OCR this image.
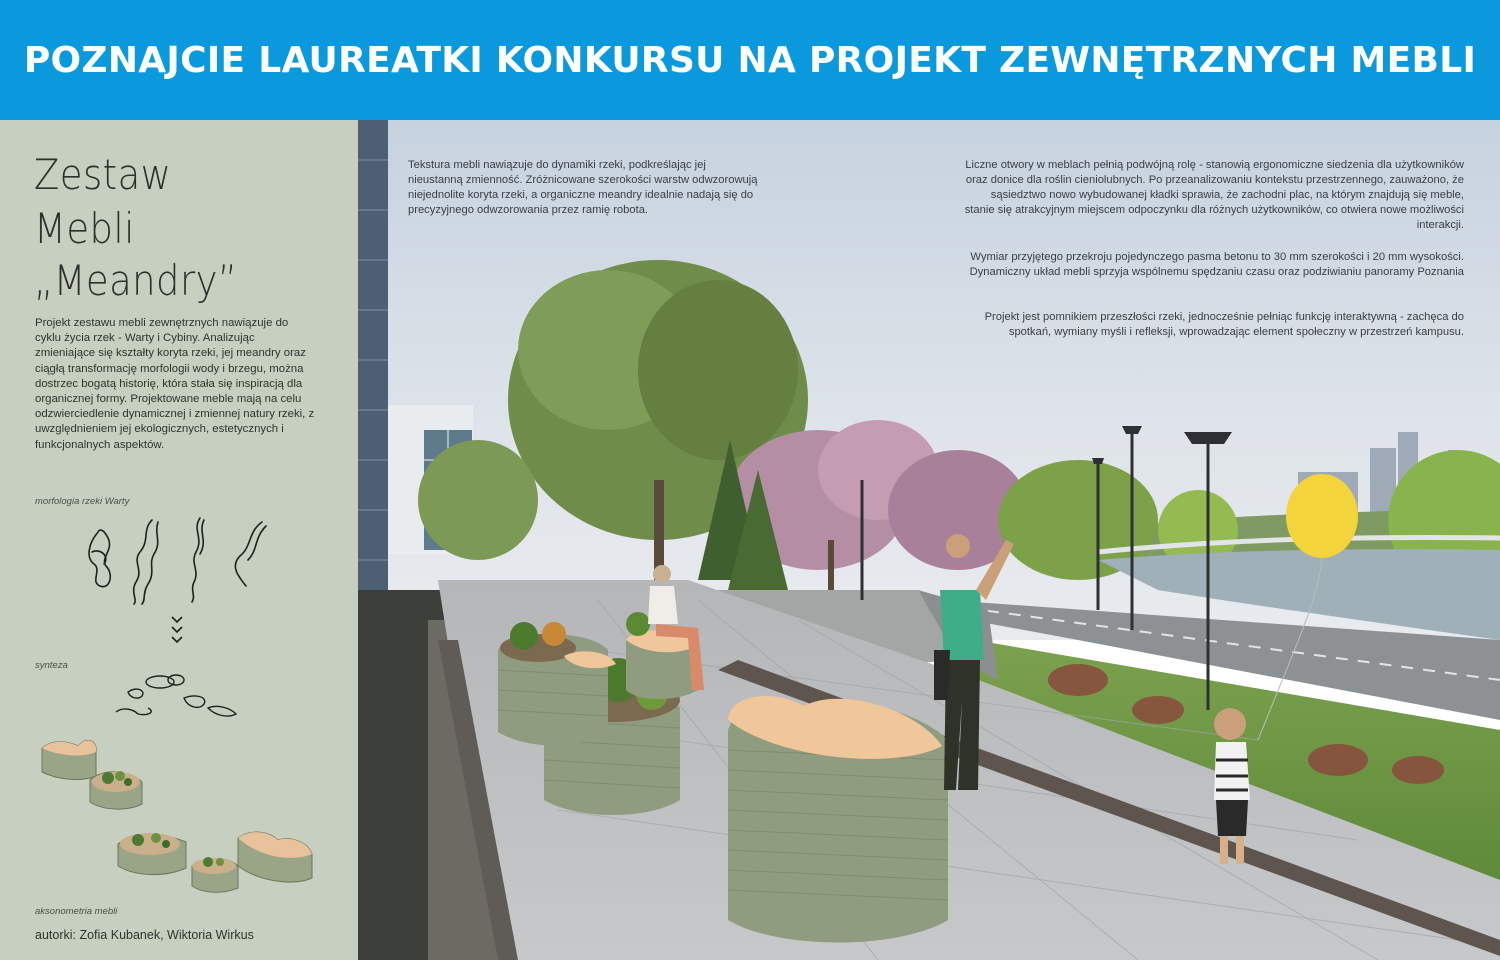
POZNAJCIE LAUREATKI KONKURSU NA PROJEKT ZEWNĘTRZNYCH MEBLI
Zestaw
Mebli
„Meandry”

Projekt zestawu mebli zewnętrznych nawiązuje do cyklu życia rzek - Warty i Cybiny. Analizując zmieniające się kształty koryta rzeki, jej meandry oraz ciągłą transformację morfologii wody i brzegu, można dostrzec bogatą historię, która stała się inspiracją dla organicznej formy. Projektowane meble mają na celu odzwierciedlenie dynamicznej i zmiennej natury rzeki, z uwzględnieniem jej ekologicznych, estetycznych i funkcjonalnych aspektów.

morfologia rzeki Warty
synteza
aksonometria mebli
autorki: Zofia Kubanek, Wiktoria Wirkus

Tekstura mebli nawiązuje do dynamiki rzeki, podkreślając jej nieustanną zmienność. Zróżnicowane szerokości warstw odwzorowują niejednolite koryta rzeki, a organiczne meandry idealnie nadają się do precyzyjnego odwzorowania przez ramię robota.

Liczne otwory w meblach pełnią podwójną rolę - stanowią ergonomiczne siedzenia dla użytkowników oraz donice dla roślin cieniolubnych. Po przeanalizowaniu kontekstu przestrzennego, zauważono, że sąsiedztwo nowo wybudowanej kładki sprawia, że zachodni plac, na którym znajdują się meble, stanie się atrakcyjnym miejscem odpoczynku dla różnych użytkowników, co otwiera nowe możliwości interakcji.

Wymiar przyjętego przekroju pojedynczego pasma betonu to 30 mm szerokości i 20 mm wysokości. Dynamiczny układ mebli sprzyja wspólnemu spędzaniu czasu oraz podziwianiu panoramy Poznania

Projekt jest pomnikiem przeszłości rzeki, jednocześnie pełniąc funkcję interaktywną - zachęca do spotkań, wymiany myśli i refleksji, wprowadzając element społeczny w przestrzeń kampusu.
